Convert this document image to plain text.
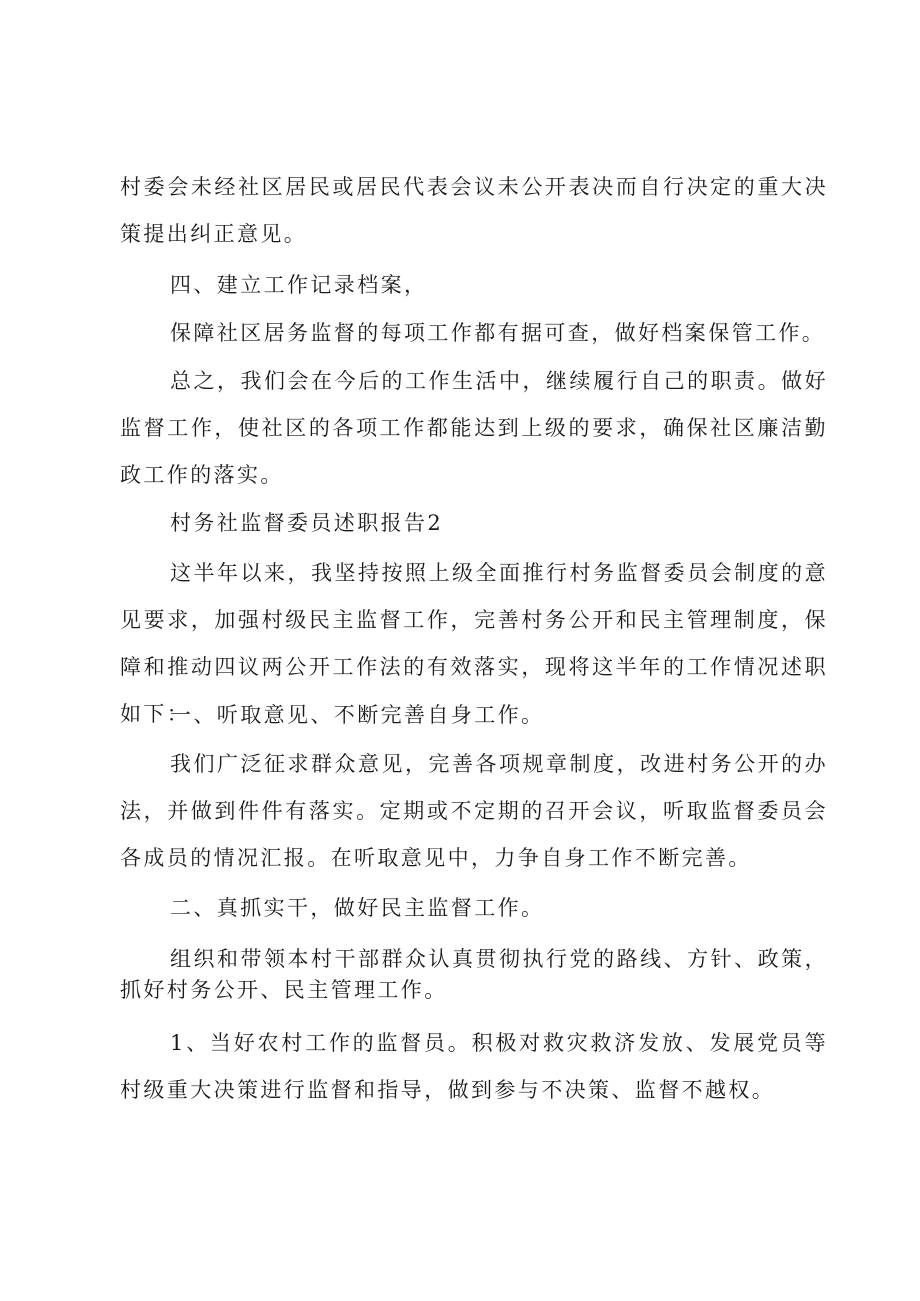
村委会未经社区居民或居民代表会议未公开表决而自行决定的重大决策提出纠正意见。

四、建立工作记录档案，

保障社区居务监督的每项工作都有据可查，做好档案保管工作。

总之，我们会在今后的工作生活中，继续履行自己的职责。做好监督工作，使社区的各项工作都能达到上级的要求，确保社区廉洁勤政工作的落实。

村务社监督委员述职报告2

这半年以来，我坚持按照上级全面推行村务监督委员会制度的意见要求，加强村级民主监督工作，完善村务公开和民主管理制度，保障和推动四议两公开工作法的有效落实，现将这半年的工作情况述职如下：

一、听取意见、不断完善自身工作。

我们广泛征求群众意见，完善各项规章制度，改进村务公开的办法，并做到件件有落实。定期或不定期的召开会议，听取监督委员会各成员的情况汇报。在听取意见中，力争自身工作不断完善。

二、真抓实干，做好民主监督工作。

组织和带领本村干部群众认真贯彻执行党的路线、方针、政策，抓好村务公开、民主管理工作。

1、当好农村工作的监督员。积极对救灾救济发放、发展党员等村级重大决策进行监督和指导，做到参与不决策、监督不越权。
